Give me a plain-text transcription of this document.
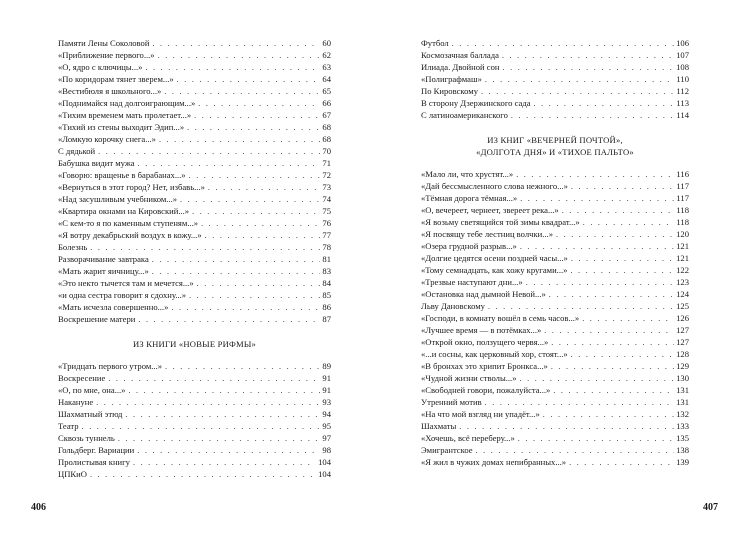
Памяти Лены Соколовой . . .	60
«Приближение первого...» . . .	62
«О, ядро с ключицы...» . . .	63
«По коридорам тянет зверем...» . . .	64
«Вестибюля я школьного...» . . .	65
«Поднимайся над долгоиграющим...» . . .	66
«Тихим временем мать пролетает...» . . .	67
«Тихий из стены выходит Эдип...» . . .	68
«Ломкую корочку снега...» . . .	68
С дядькой . . .	70
Бабушка видит мужа . . .	71
«Говорю: вращенье в барабанах...» . . .	72
«Вернуться в этот город? Нет, избавь...» . . .	73
«Над засушливым учебником...» . . .	74
«Квартира окнами на Кировский...» . . .	75
«С кем-то я по каменным ступеням...» . . .	76
«Я вотру декабрьский воздух в кожу...» . . .	77
Болезнь . . .	78
Разворачивание завтрака . . .	81
«Мать жарит яичницу...» . . .	83
«Это некто тычется там и мечется...» . . .	84
«и одна сестра говорит я сдохну...» . . .	85
«Мать исчезла совершенно...» . . .	86
Воскрешение матери . . .	87
ИЗ КНИГИ «НОВЫЕ РИФМЫ»
«Тридцать первого утром...» . . .	89
Воскресение . . .	91
«О, по мне, она...» . . .	91
Накануне . . .	93
Шахматный этюд . . .	94
Театр . . .	95
Сквозь туннель . . .	97
Гольдберг. Вариации . . .	98
Пролистывая книгу . . .	104
ЦПКиО . . .	104
Футбол . . .	106
Космозачная баллада . . .	107
Илиада. Двойной сон . . .	108
«Полиграфмаш» . . .	110
По Кировскому . . .	112
В сторону Дзержинского сада . . .	113
С латиноамериканского . . .	114
ИЗ КНИГ «ВЕЧЕРНЕЙ ПОЧТОЙ»,
«ДОЛГОТА ДНЯ» И «ТИХОЕ ПАЛЬТО»
«Мало ли, что хрустят...» . . .	116
«Дай бессмысленного слова нежного...» . . .	117
«Тёмная дорога тёмная...» . . .	117
«О, вечереет, чернеет, звереет река...» . . .	118
«Я возьму светящийся той зимы квадрат...» . . .	118
«Я посвящу тебе лестниц волчки...» . . .	120
«Озера грудной разрыв...» . . .	121
«Долгие цедятся осени поздней часы...» . . .	121
«Тому семнадцать, как хожу кругами...» . . .	122
«Трезвые наступают дни...» . . .	123
«Остановка над дымной Невой...» . . .	124
Льву Дановскому . . .	125
«Господи, в комнату вошёл в семь часов...» . . .	126
«Лучшее время — в потёмках...» . . .	127
«Открой окно, ползущего червя...» . . .	127
«...и сосны, как церковный хор, стоят...» . . .	128
«В бронхах это хрипит Бронкса...» . . .	129
«Чудной жизни стволы...» . . .	130
«Свободней говори, пожалуйста...» . . .	131
Утренний мотив . . .	131
«На что мой взгляд ни упадёт...» . . .	132
Шахматы . . .	133
«Хочешь, всё переберу...» . . .	135
Эмигрантское . . .	138
«Я жил в чужих домах непибранных...» . . .	139
406	407
